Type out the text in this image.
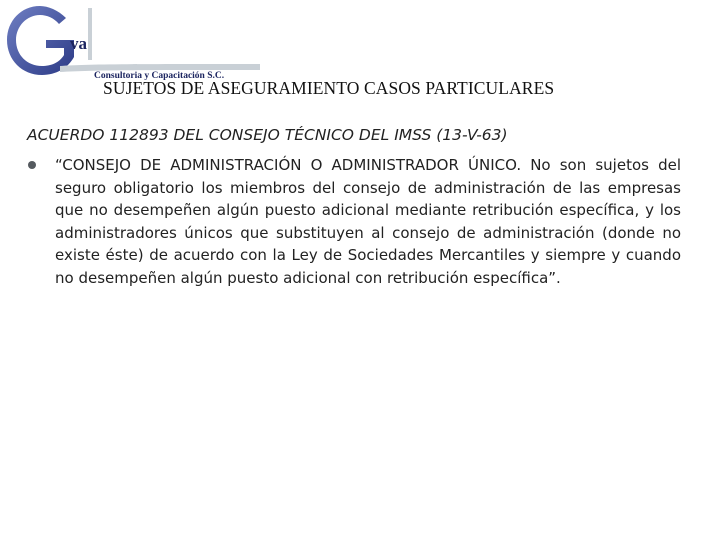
va
Consultoria y Capacitación S.C.
SUJETOS DE ASEGURAMIENTO CASOS PARTICULARES
ACUERDO 112893 DEL CONSEJO TÉCNICO DEL IMSS (13-V-63)

“CONSEJO DE ADMINISTRACIÓN O ADMINISTRADOR ÚNICO. No son sujetos del seguro obligatorio los miembros del consejo de administración de las empresas que no desempeñen algún puesto adicional mediante retribución específica, y los administradores únicos que substituyen al consejo de administración (donde no existe éste) de acuerdo con la Ley de Sociedades Mercantiles y siempre y cuando no desempeñen algún puesto adicional con retribución específica”.
